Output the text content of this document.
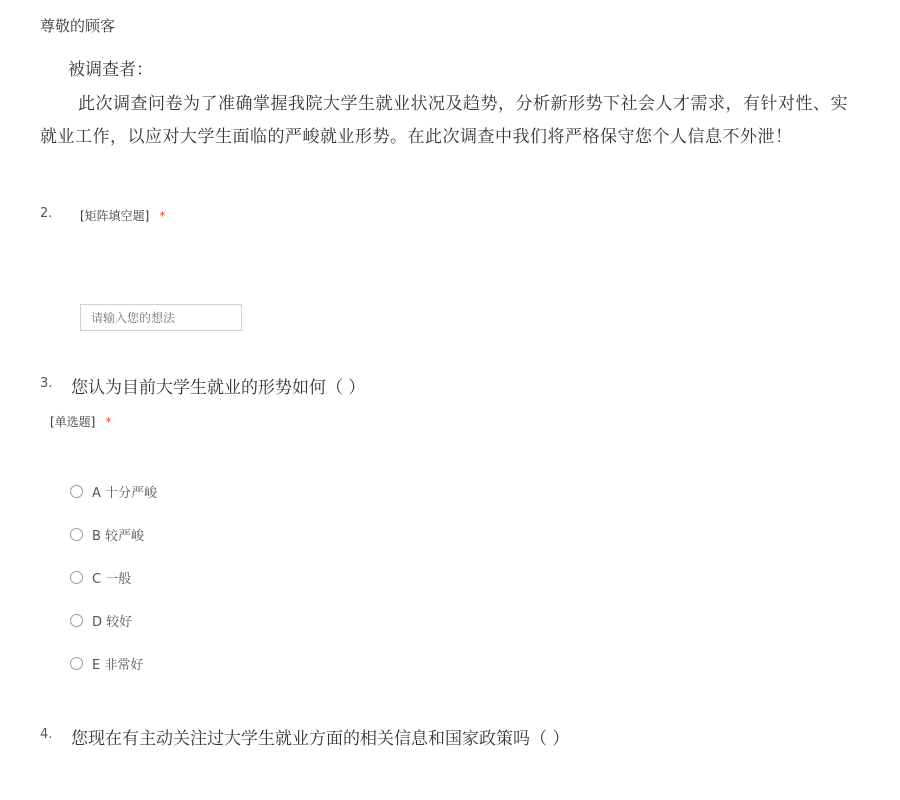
尊敬的顾客
被调查者：
此次调查问卷为了准确掌握我院大学生就业状况及趋势，分析新形势下社会人才需求，有针对性、实
就业工作，以应对大学生面临的严峻就业形势。在此次调查中我们将严格保守您个人信息不外泄！
2. [矩阵填空题] *
请输入您的想法
3. 您认为目前大学生就业的形势如何（ ）
[单选题] *
A 十分严峻
B 较严峻
C 一般
D 较好
E 非常好
4. 您现在有主动关注过大学生就业方面的相关信息和国家政策吗（ ）
